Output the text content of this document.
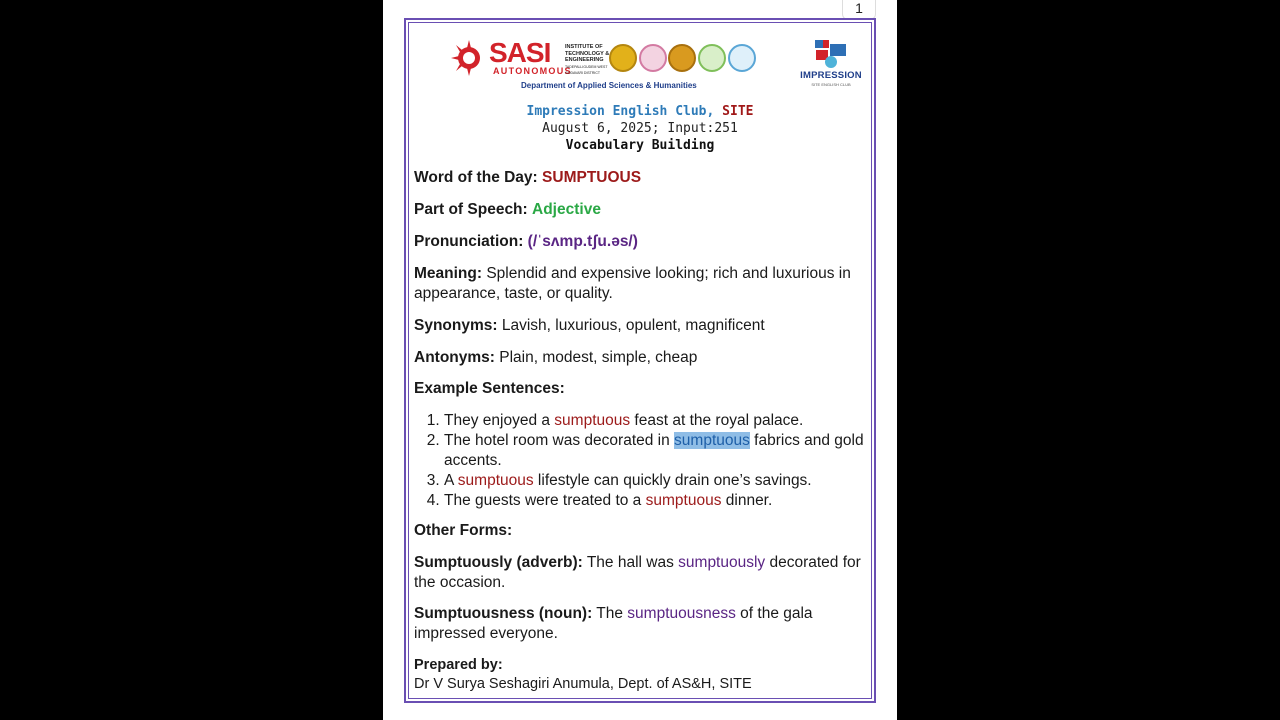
1
SASI
AUTONOMOUS
INSTITUTE OF TECHNOLOGY & ENGINEERING
TADEPALLIGUDEM WEST GODAVARI DISTRICT
Department of Applied Sciences & Humanities
IMPRESSION
SITE ENGLISH CLUB
Impression English Club, SITE
August 6, 2025; Input:251
Vocabulary Building

Word of the Day: SUMPTUOUS

Part of Speech: Adjective

Pronunciation: (/ˈsʌmp.tʃu.əs/)

Meaning: Splendid and expensive looking; rich and luxurious in appearance, taste, or quality.

Synonyms: Lavish, luxurious, opulent, magnificent

Antonyms: Plain, modest, simple, cheap

Example Sentences:

1. They enjoyed a sumptuous feast at the royal palace.
2. The hotel room was decorated in sumptuous fabrics and gold accents.
3. A sumptuous lifestyle can quickly drain one’s savings.
4. The guests were treated to a sumptuous dinner.

Other Forms:

Sumptuously (adverb): The hall was sumptuously decorated for the occasion.

Sumptuousness (noun): The sumptuousness of the gala impressed everyone.

Prepared by:

Dr V Surya Seshagiri Anumula, Dept. of AS&H, SITE
